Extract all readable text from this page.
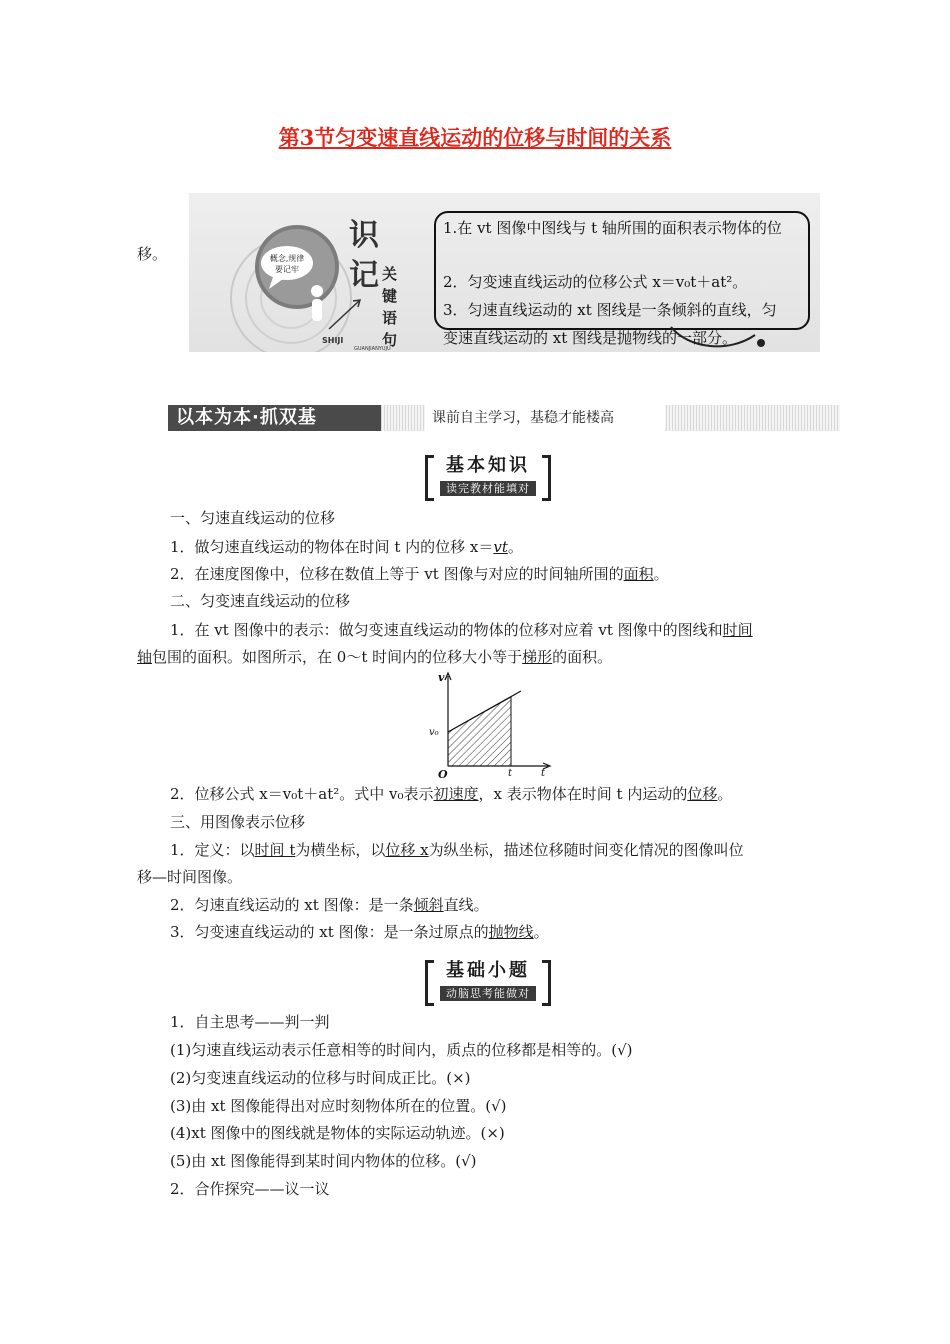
第3节匀变速直线运动的位移与时间的关系
移。	概念,规律
要记牢
识
记 关
键
语
句
SHIJI
GUANJIANYUJU
1.在 vt 图像中图线与 t 轴所围的面积表示物体的位
2．匀变速直线运动的位移公式 x＝v₀t＋at²。
3．匀速直线运动的 xt 图线是一条倾斜的直线，匀
变速直线运动的 xt 图线是抛物线的一部分。
以本为本·抓双基	课前自主学习，基稳才能楼高
基本知识
读完教材能填对
一、匀速直线运动的位移
1．做匀速直线运动的物体在时间 t 内的位移 x＝vt。
2．在速度图像中，位移在数值上等于 vt 图像与对应的时间轴所围的面积。
二、匀变速直线运动的位移
1．在 vt 图像中的表示：做匀变速直线运动的物体的位移对应着 vt 图像中的图线和时间
轴包围的面积。如图所示，在 0～t 时间内的位移大小等于梯形的面积。
v
v₀
O	t	t
2．位移公式 x＝v₀t＋at²。式中 v₀表示初速度，x 表示物体在时间 t 内运动的位移。
三、用图像表示位移
1．定义：以时间 t为横坐标，以位移 x为纵坐标，描述位移随时间变化情况的图像叫位
移—时间图像。
2．匀速直线运动的 xt 图像：是一条倾斜直线。
3．匀变速直线运动的 xt 图像：是一条过原点的抛物线。
基础小题
动脑思考能做对
1．自主思考——判一判
(1)匀速直线运动表示任意相等的时间内，质点的位移都是相等的。(√)
(2)匀变速直线运动的位移与时间成正比。(×)
(3)由 xt 图像能得出对应时刻物体所在的位置。(√)
(4)xt 图像中的图线就是物体的实际运动轨迹。(×)
(5)由 xt 图像能得到某时间内物体的位移。(√)
2．合作探究——议一议
